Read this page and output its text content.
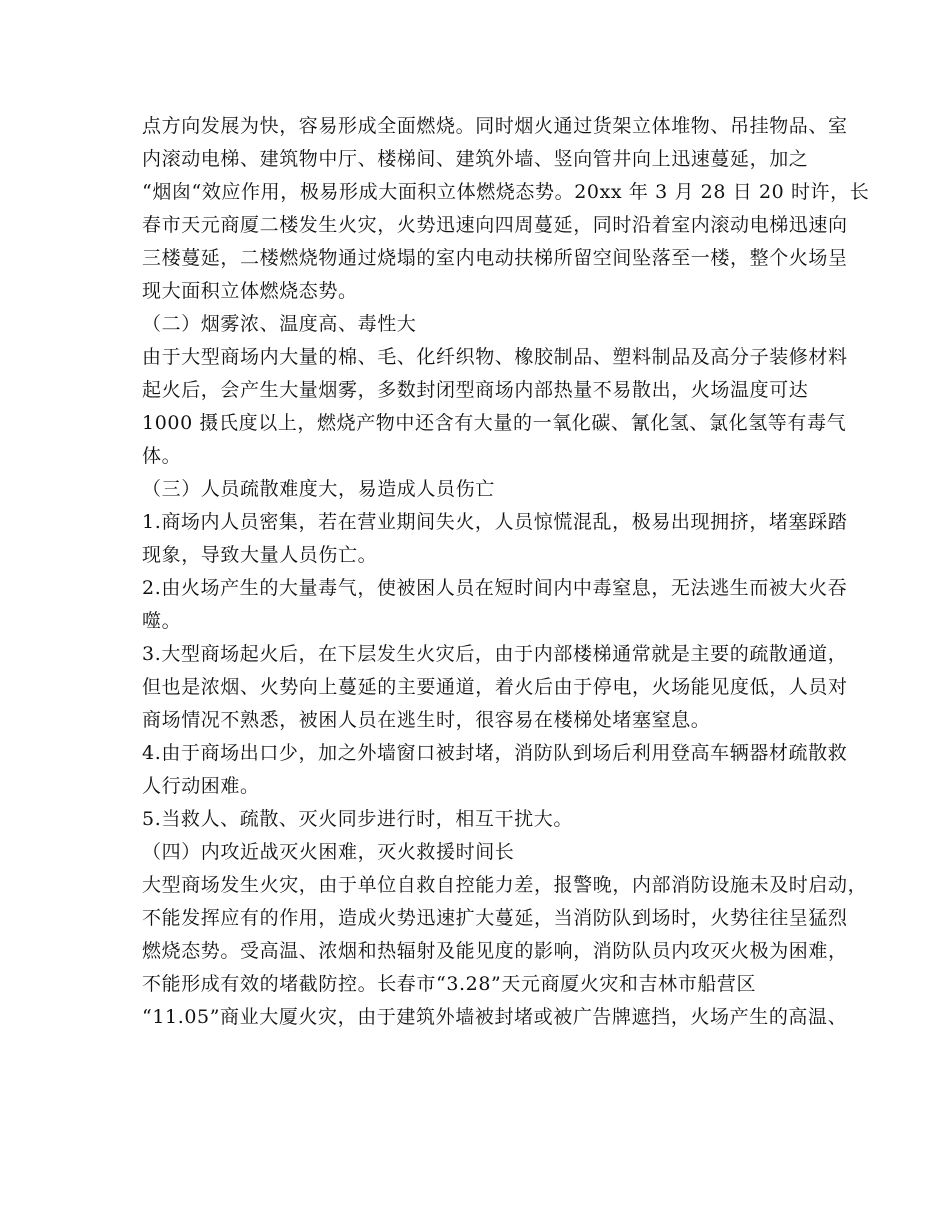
点方向发展为快，容易形成全面燃烧。同时烟火通过货架立体堆物、吊挂物品、室
内滚动电梯、建筑物中厅、楼梯间、建筑外墙、竖向管井向上迅速蔓延，加之
“烟囱“效应作用，极易形成大面积立体燃烧态势。20xx 年 3 月 28 日 20 时许，长
春市天元商厦二楼发生火灾，火势迅速向四周蔓延，同时沿着室内滚动电梯迅速向
三楼蔓延，二楼燃烧物通过烧塌的室内电动扶梯所留空间坠落至一楼，整个火场呈
现大面积立体燃烧态势。
（二）烟雾浓、温度高、毒性大
由于大型商场内大量的棉、毛、化纤织物、橡胶制品、塑料制品及高分子装修材料
起火后，会产生大量烟雾，多数封闭型商场内部热量不易散出，火场温度可达
1000 摄氏度以上，燃烧产物中还含有大量的一氧化碳、氰化氢、氯化氢等有毒气
体。
（三）人员疏散难度大，易造成人员伤亡
1.商场内人员密集，若在营业期间失火，人员惊慌混乱，极易出现拥挤，堵塞踩踏
现象，导致大量人员伤亡。
2.由火场产生的大量毒气，使被困人员在短时间内中毒窒息，无法逃生而被大火吞
噬。
3.大型商场起火后，在下层发生火灾后，由于内部楼梯通常就是主要的疏散通道，
但也是浓烟、火势向上蔓延的主要通道，着火后由于停电，火场能见度低，人员对
商场情况不熟悉，被困人员在逃生时，很容易在楼梯处堵塞窒息。
4.由于商场出口少，加之外墙窗口被封堵，消防队到场后利用登高车辆器材疏散救
人行动困难。
5.当救人、疏散、灭火同步进行时，相互干扰大。
（四）内攻近战灭火困难，灭火救援时间长
大型商场发生火灾，由于单位自救自控能力差，报警晚，内部消防设施未及时启动，
不能发挥应有的作用，造成火势迅速扩大蔓延，当消防队到场时，火势往往呈猛烈
燃烧态势。受高温、浓烟和热辐射及能见度的影响，消防队员内攻灭火极为困难，
不能形成有效的堵截防控。长春市“3.28”天元商厦火灾和吉林市船营区
“11.05”商业大厦火灾，由于建筑外墙被封堵或被广告牌遮挡，火场产生的高温、
